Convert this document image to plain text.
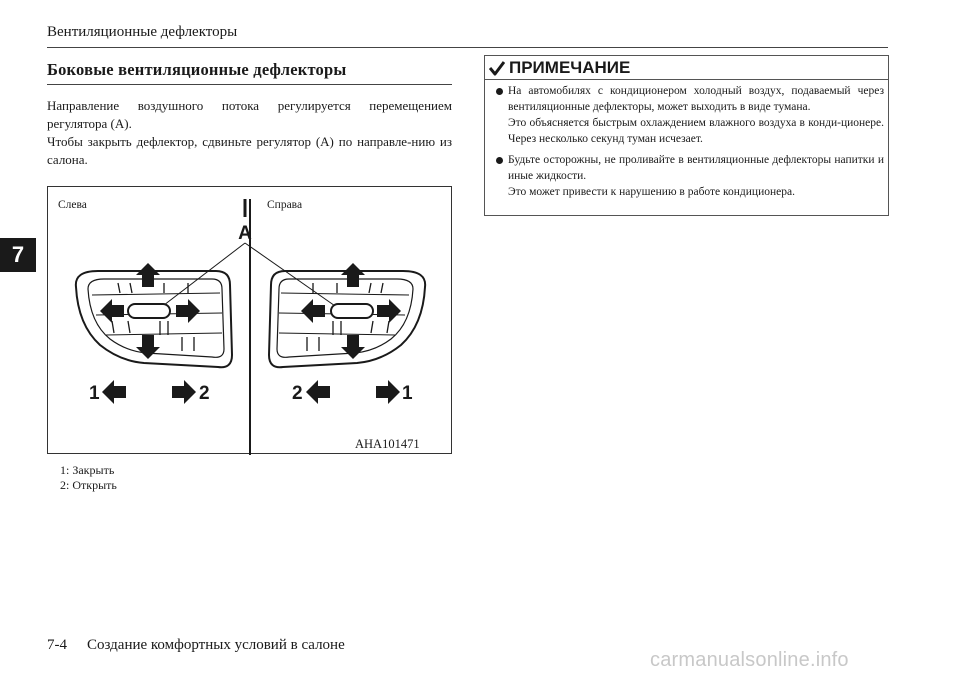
Вентиляционные дефлекторы
7
Боковые вентиляционные дефлекторы

Направление воздушного потока регулируется перемещением регулятора (А).

Чтобы закрыть дефлектор, сдвиньте регулятор (А) по направле-нию из салона.

A
1	2	2	1
Слева	Справа
AHA101471
1: Закрыть
2: Открыть
ПРИМЕЧАНИЕ

На автомобилях с кондиционером холодный воздух, подаваемый через вентиляционные дефлекторы, может выходить в виде тумана.

Это объясняется быстрым охлаждением влажного воздуха в конди-ционере. Через несколько секунд туман исчезает.

Будьте осторожны, не проливайте в вентиляционные дефлекторы напитки и иные жидкости.

Это может привести к нарушению в работе кондиционера.

7-4 Создание комфортных условий в салоне
carmanualsonline.info
